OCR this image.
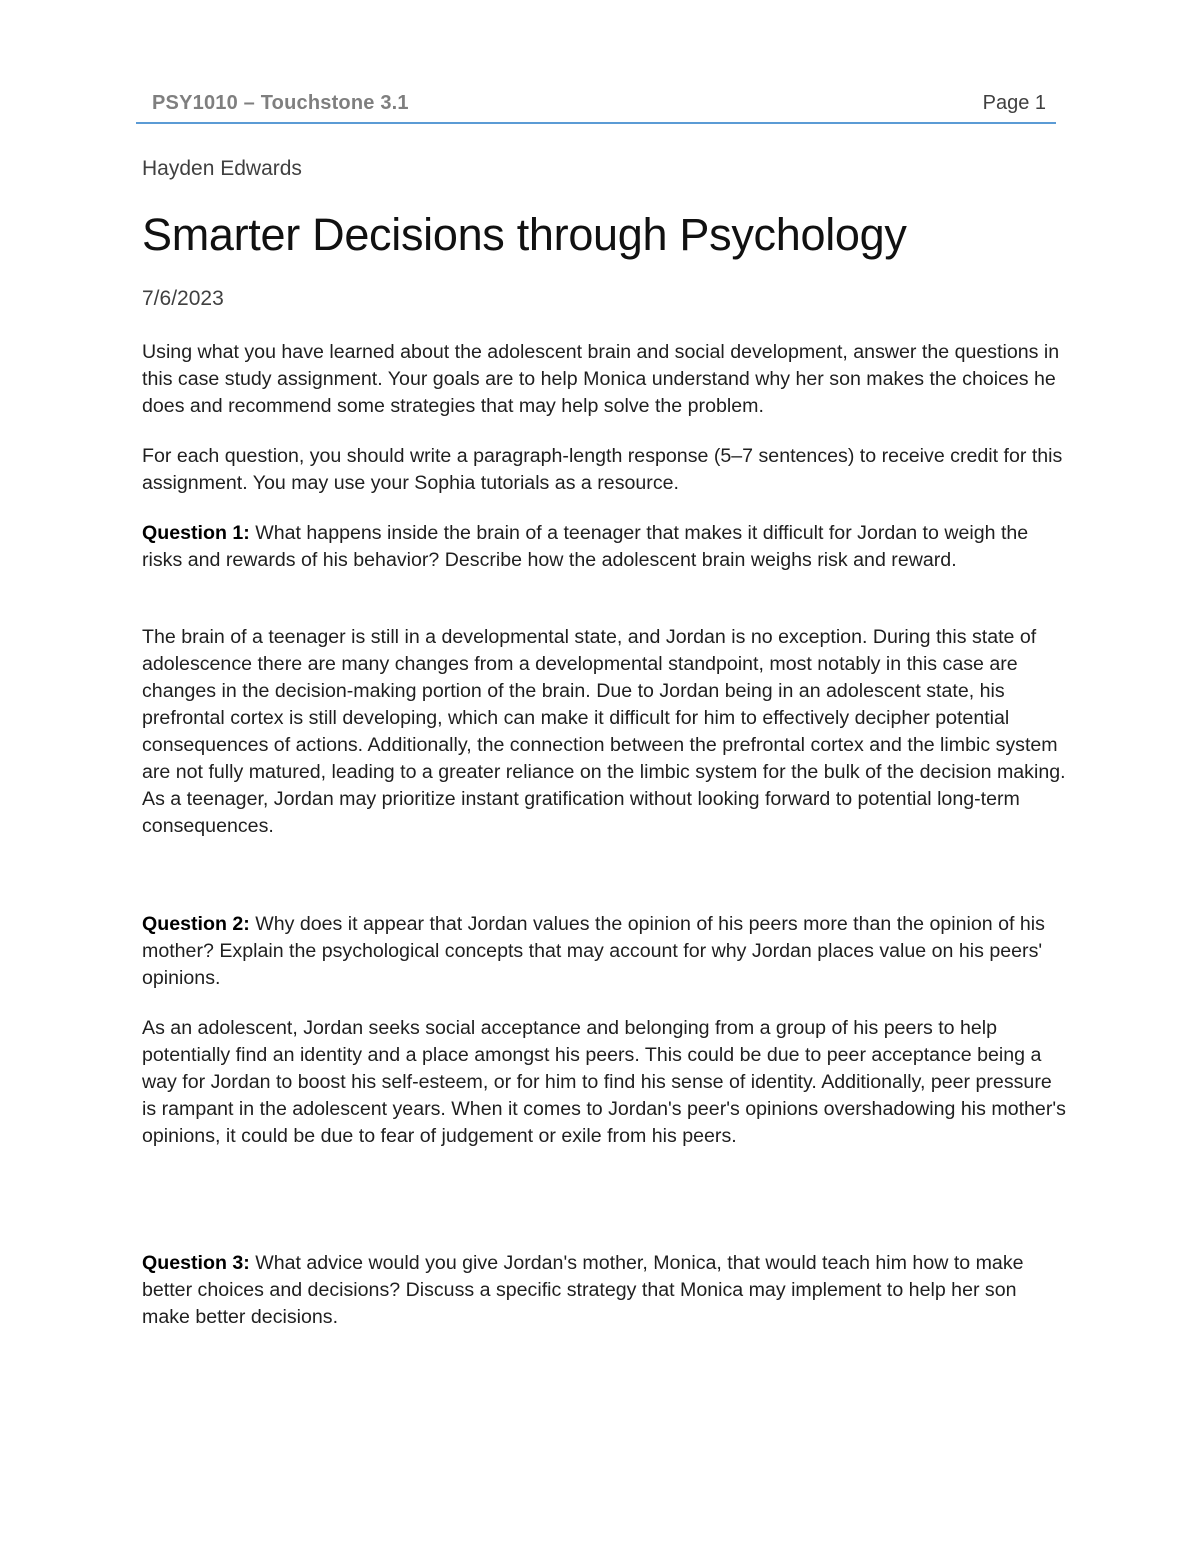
PSY1010 – Touchstone 3.1	Page 1
Hayden Edwards
Smarter Decisions through Psychology
7/6/2023

Using what you have learned about the adolescent brain and social development, answer the questions in this case study assignment. Your goals are to help Monica understand why her son makes the choices he does and recommend some strategies that may help solve the problem.

For each question, you should write a paragraph-length response (5–7 sentences) to receive credit for this assignment. You may use your Sophia tutorials as a resource.

Question 1: What happens inside the brain of a teenager that makes it difficult for Jordan to weigh the risks and rewards of his behavior? Describe how the adolescent brain weighs risk and reward.

The brain of a teenager is still in a developmental state, and Jordan is no exception. During this state of adolescence there are many changes from a developmental standpoint, most notably in this case are changes in the decision-making portion of the brain. Due to Jordan being in an adolescent state, his prefrontal cortex is still developing, which can make it difficult for him to effectively decipher potential consequences of actions. Additionally, the connection between the prefrontal cortex and the limbic system are not fully matured, leading to a greater reliance on the limbic system for the bulk of the decision making. As a teenager, Jordan may prioritize instant gratification without looking forward to potential long-term consequences.

Question 2: Why does it appear that Jordan values the opinion of his peers more than the opinion of his mother? Explain the psychological concepts that may account for why Jordan places value on his peers' opinions.

As an adolescent, Jordan seeks social acceptance and belonging from a group of his peers to help potentially find an identity and a place amongst his peers. This could be due to peer acceptance being a way for Jordan to boost his self-esteem, or for him to find his sense of identity. Additionally, peer pressure is rampant in the adolescent years. When it comes to Jordan's peer's opinions overshadowing his mother's opinions, it could be due to fear of judgement or exile from his peers.

Question 3: What advice would you give Jordan's mother, Monica, that would teach him how to make better choices and decisions? Discuss a specific strategy that Monica may implement to help her son make better decisions.
